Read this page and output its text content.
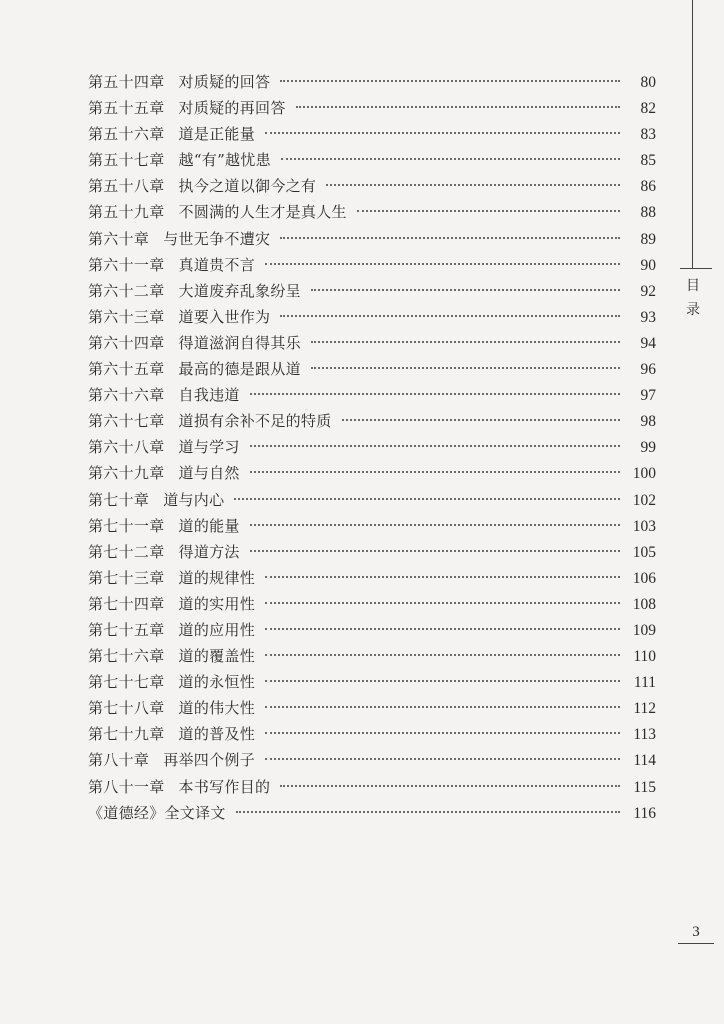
第五十四章 对质疑的回答	80
第五十五章 对质疑的再回答	82
第五十六章 道是正能量	83
第五十七章 越“有”越忧患	85
第五十八章 执今之道以御今之有	86
第五十九章 不圆满的人生才是真人生	88
第六十章 与世无争不遭灾	89
第六十一章 真道贵不言	90
第六十二章 大道废弃乱象纷呈	92
第六十三章 道要入世作为	93
第六十四章 得道滋润自得其乐	94
第六十五章 最高的德是跟从道	96
第六十六章 自我违道	97
第六十七章 道损有余补不足的特质	98
第六十八章 道与学习	99
第六十九章 道与自然	100
第七十章 道与内心	102
第七十一章 道的能量	103
第七十二章 得道方法	105
第七十三章 道的规律性	106
第七十四章 道的实用性	108
第七十五章 道的应用性	109
第七十六章 道的覆盖性	110
第七十七章 道的永恒性	111
第七十八章 道的伟大性	112
第七十九章 道的普及性	113
第八十章 再举四个例子	114
第八十一章 本书写作目的	115
《道德经》全文译文	116
目
录
3
